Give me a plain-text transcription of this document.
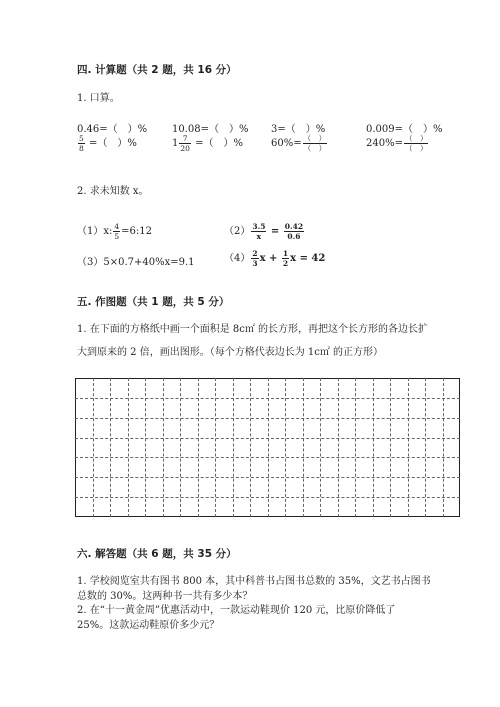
四. 计算题（共 2 题，共 16 分）
1. 口算。
0.46=（　）% 10.08=（　）% 3=（　）%	0.009=（　）%
$\frac{5}{8}$ =（　）%	$1 \frac{7}{20}$ =（　）%	$60\%= \frac{( )}{( )}$	$240\%= \frac{( )}{( )}$
2. 求未知数 x。
（1）x: $\frac{4}{5}$ =6:12	$(2) \frac{3.5}{x} = \frac{0.42}{0.6}$
（3）5×0.7+40%x=9.1	$(4) \frac{2}{3}$ $x + \frac{1}{2}$ x = 42
五. 作图题（共 1 题，共 5 分）
1. 在下面的方格纸中画一个面积是 8c㎡ 的长方形，再把这个长方形的各边长扩
大到原来的 2 倍，画出图形。（每个方格代表边长为 1c㎡ 的正方形）
六. 解答题（共 6 题，共 35 分）
1. 学校阅览室共有图书 800 本，其中科普书占图书总数的 35%，文艺书占图书
总数的 30%。这两种书一共有多少本？
2. 在“十一黄金周”优惠活动中，一款运动鞋现价 120 元，比原价降低了
25%。这款运动鞋原价多少元？
